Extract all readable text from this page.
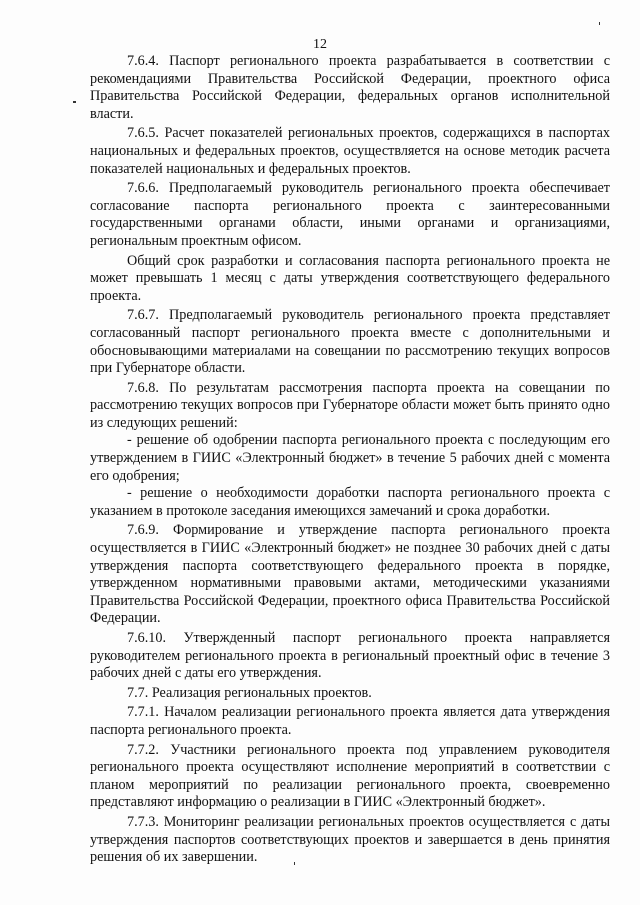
12

7.6.4. Паспорт регионального проекта разрабатывается в соответствии с рекомендациями Правительства Российской Федерации, проектного офиса Правительства Российской Федерации, федеральных органов исполнительной власти.

7.6.5. Расчет показателей региональных проектов, содержащихся в паспортах национальных и федеральных проектов, осуществляется на основе методик расчета показателей национальных и федеральных проектов.

7.6.6. Предполагаемый руководитель регионального проекта обеспечивает согласование паспорта регионального проекта с заинтересованными государственными органами области, иными органами и организациями, региональным проектным офисом.

Общий срок разработки и согласования паспорта регионального проекта не может превышать 1 месяц с даты утверждения соответствующего федерального проекта.

7.6.7. Предполагаемый руководитель регионального проекта представляет согласованный паспорт регионального проекта вместе с дополнительными и обосновывающими материалами на совещании по рассмотрению текущих вопросов при Губернаторе области.

7.6.8. По результатам рассмотрения паспорта проекта на совещании по рассмотрению текущих вопросов при Губернаторе области может быть принято одно из следующих решений:

- решение об одобрении паспорта регионального проекта с последующим его утверждением в ГИИС «Электронный бюджет» в течение 5 рабочих дней с момента его одобрения;

- решение о необходимости доработки паспорта регионального проекта с указанием в протоколе заседания имеющихся замечаний и срока доработки.

7.6.9. Формирование и утверждение паспорта регионального проекта осуществляется в ГИИС «Электронный бюджет» не позднее 30 рабочих дней с даты утверждения паспорта соответствующего федерального проекта в порядке, утвержденном нормативными правовыми актами, методическими указаниями Правительства Российской Федерации, проектного офиса Правительства Российской Федерации.

7.6.10. Утвержденный паспорт регионального проекта направляется руководителем регионального проекта в региональный проектный офис в течение 3 рабочих дней с даты его утверждения.

7.7. Реализация региональных проектов.

7.7.1. Началом реализации регионального проекта является дата утверждения паспорта регионального проекта.

7.7.2. Участники регионального проекта под управлением руководителя регионального проекта осуществляют исполнение мероприятий в соответствии с планом мероприятий по реализации регионального проекта, своевременно представляют информацию о реализации в ГИИС «Электронный бюджет».

7.7.3. Мониторинг реализации региональных проектов осуществляется с даты утверждения паспортов соответствующих проектов и завершается в день принятия решения об их завершении.
